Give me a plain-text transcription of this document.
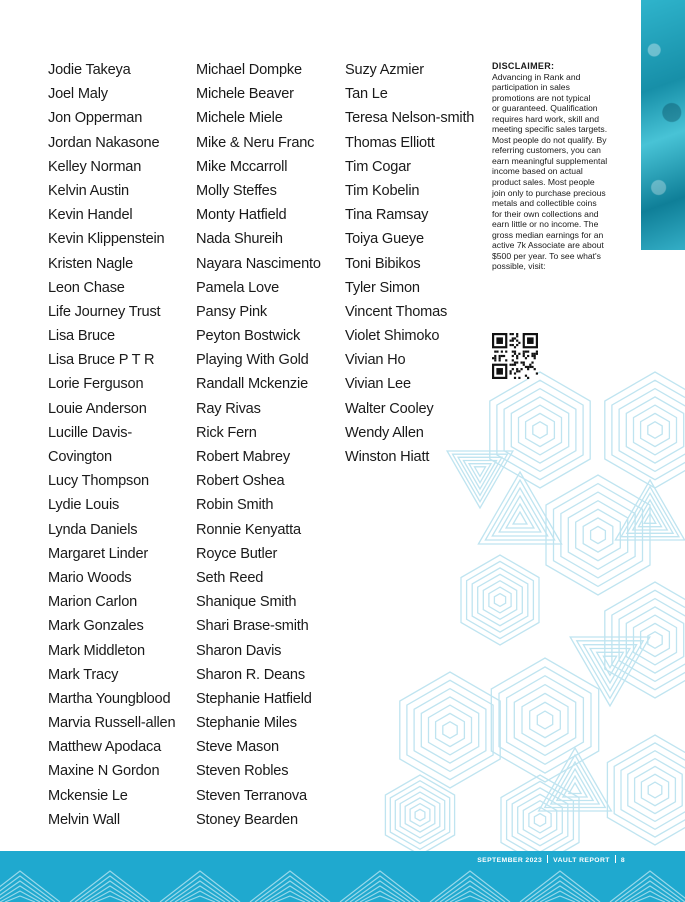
Jodie Takeya
Joel Maly
Jon Opperman
Jordan Nakasone
Kelley Norman
Kelvin Austin
Kevin Handel
Kevin Klippenstein
Kristen Nagle
Leon Chase
Life Journey Trust
Lisa Bruce
Lisa Bruce P T R
Lorie Ferguson
Louie Anderson
Lucille Davis-
Covington
Lucy Thompson
Lydie Louis
Lynda Daniels
Margaret Linder
Mario Woods
Marion Carlon
Mark Gonzales
Mark Middleton
Mark Tracy
Martha Youngblood
Marvia Russell-allen
Matthew Apodaca
Maxine N Gordon
Mckensie Le
Melvin Wall
Michael Dompke
Michele Beaver
Michele Miele
Mike & Neru Franc
Mike Mccarroll
Molly Steffes
Monty Hatfield
Nada Shureih
Nayara Nascimento
Pamela Love
Pansy Pink
Peyton Bostwick
Playing With Gold
Randall Mckenzie
Ray Rivas
Rick Fern
Robert Mabrey
Robert Oshea
Robin Smith
Ronnie Kenyatta
Royce Butler
Seth Reed
Shanique Smith
Shari Brase-smith
Sharon Davis
Sharon R. Deans
Stephanie Hatfield
Stephanie Miles
Steve Mason
Steven Robles
Steven Terranova
Stoney Bearden
Suzy Azmier
Tan Le
Teresa Nelson-smith
Thomas Elliott
Tim Cogar
Tim Kobelin
Tina Ramsay
Toiya Gueye
Toni Bibikos
Tyler Simon
Vincent Thomas
Violet Shimoko
Vivian Ho
Vivian Lee
Walter Cooley
Wendy Allen
Winston Hiatt
DISCLAIMER:
Advancing in Rank and
participation in sales
promotions are not typical
or guaranteed. Qualification
requires hard work, skill and
meeting specific sales targets.
Most people do not qualify. By
referring customers, you can
earn meaningful supplemental
income based on actual
product sales. Most people
join only to purchase precious
metals and collectible coins
for their own collections and
earn little or no income. The
gross median earnings for an
active 7k Associate are about
$500 per year. To see what's
possible, visit:
SEPTEMBER 2023 VAULT REPORT 8
